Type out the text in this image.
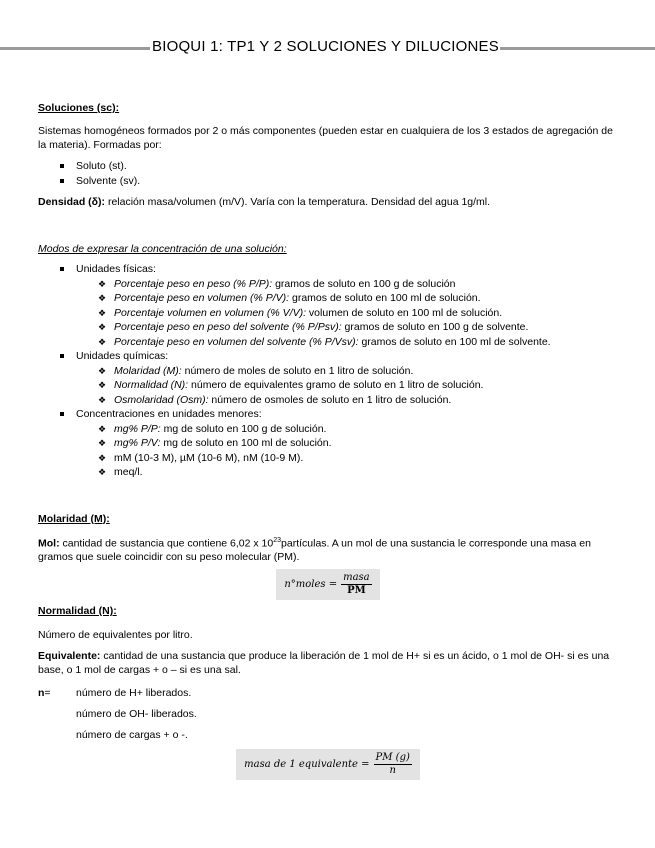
BIOQUI 1: TP1 Y 2 SOLUCIONES Y DILUCIONES

Soluciones (sc):

Sistemas homogéneos formados por 2 o más componentes (pueden estar en cualquiera de los 3 estados de agregación de la materia). Formadas por:

Soluto (st).
Solvente (sv).

Densidad (δ): relación masa/volumen (m/V). Varía con la temperatura. Densidad del agua 1g/ml.

Modos de expresar la concentración de una solución:

Unidades físicas:
❖ Porcentaje peso en peso (% P/P): gramos de soluto en 100 g de solución
❖ Porcentaje peso en volumen (% P/V): gramos de soluto en 100 ml de solución.
❖ Porcentaje volumen en volumen (% V/V): volumen de soluto en 100 ml de solución.
❖ Porcentaje peso en peso del solvente (% P/Psv): gramos de soluto en 100 g de solvente.
❖ Porcentaje peso en volumen del solvente (% P/Vsv): gramos de soluto en 100 ml de solvente.
Unidades químicas:
❖ Molaridad (M): número de moles de soluto en 1 litro de solución.
❖ Normalidad (N): número de equivalentes gramo de soluto en 1 litro de solución.
❖ Osmolaridad (Osm): número de osmoles de soluto en 1 litro de solución.
Concentraciones en unidades menores:
❖ mg% P/P: mg de soluto en 100 g de solución.
❖ mg% P/V: mg de soluto en 100 ml de solución.
❖ mM (10-3 M), µM (10-6 M), nM (10-9 M).
❖ meq/l.

Molaridad (M):

Mol: cantidad de sustancia que contiene 6,02 x $10^{23}partículas$. A un mol de una sustancia le corresponde una masa en gramos que suele coincidir con su peso molecular (PM).

n°moles = $\frac{\text{masa}}{PM}$

Normalidad (N):

Número de equivalentes por litro.

Equivalente: cantidad de una sustancia que produce la liberación de 1 mol de H+ si es un ácido, o 1 mol de OH- si es una base, o 1 mol de cargas + o – si es una sal.

n=	número de H+ liberados.
número de OH- liberados.
número de cargas + o -.
masa de 1 equivalente = $\frac{PM (g)}{n}$
